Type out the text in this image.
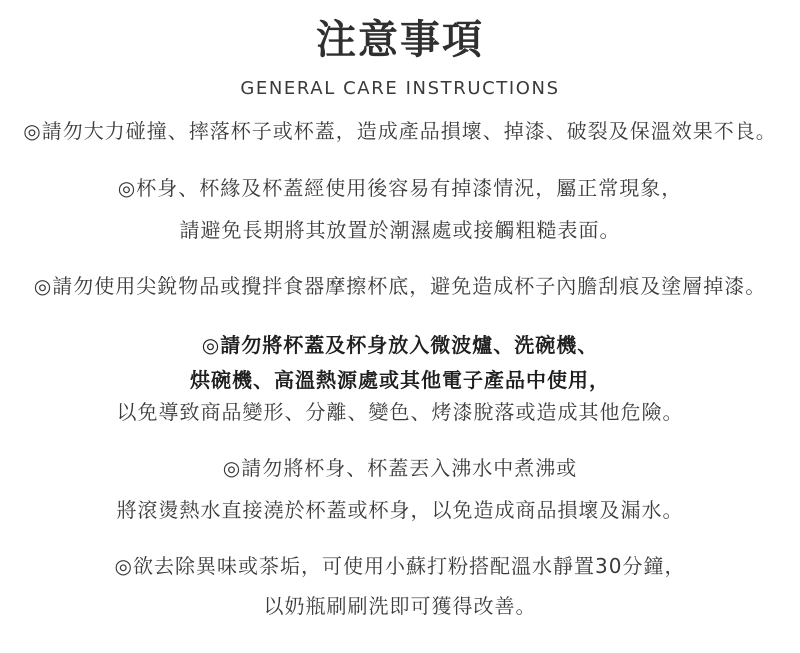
注意事項
GENERAL CARE INSTRUCTIONS
◎請勿大力碰撞、摔落杯子或杯蓋，造成產品損壞、掉漆、破裂及保溫效果不良。
◎杯身、杯緣及杯蓋經使用後容易有掉漆情況，屬正常現象，
請避免長期將其放置於潮濕處或接觸粗糙表面。
◎請勿使用尖銳物品或攪拌食器摩擦杯底，避免造成杯子內膽刮痕及塗層掉漆。
◎請勿將杯蓋及杯身放入微波爐、洗碗機、
烘碗機、高溫熱源處或其他電子產品中使用，
以免導致商品變形、分離、變色、烤漆脫落或造成其他危險。
◎請勿將杯身、杯蓋丟入沸水中煮沸或
將滾燙熱水直接澆於杯蓋或杯身，以免造成商品損壞及漏水。
◎欲去除異味或茶垢，可使用小蘇打粉搭配溫水靜置30分鐘，
以奶瓶刷刷洗即可獲得改善。
